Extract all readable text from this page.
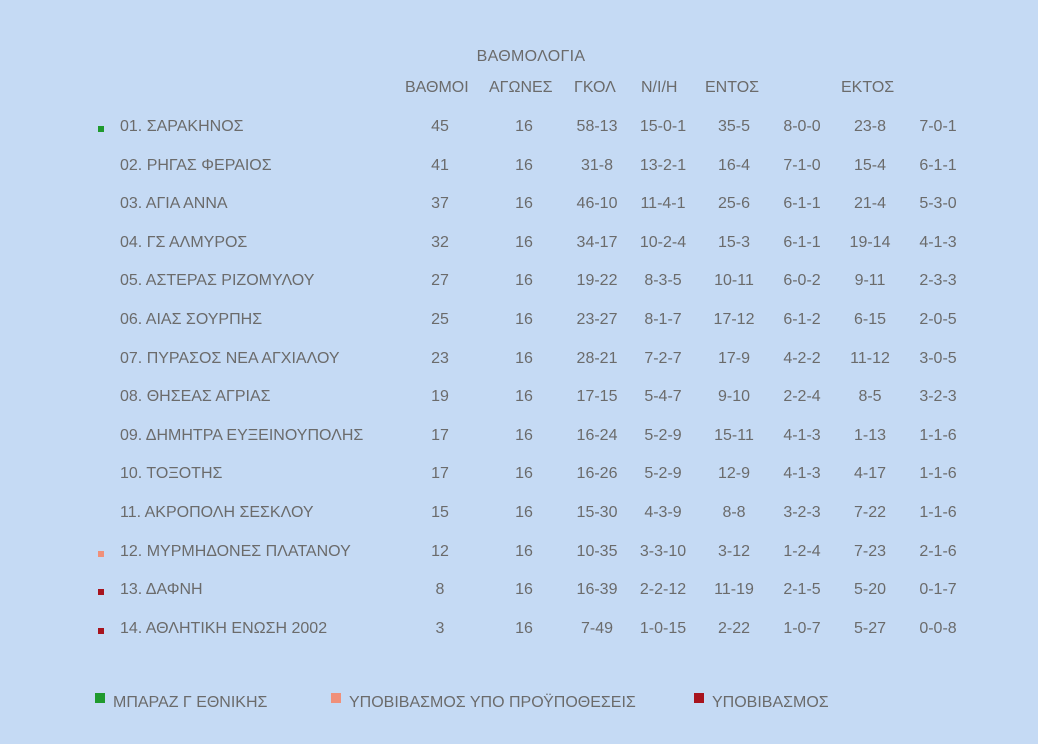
ΒΑΘΜΟΛΟΓΙΑ
ΒΑΘΜΟΙ ΑΓΩΝΕΣ ΓΚΟΛ Ν/Ι/Η ΕΝΤΟΣ	ΕΚΤΟΣ
01. ΣΑΡΑΚΗΝΟΣ	45	16	58-13 15-0-1 35-5 8-0-0 23-8 7-0-1
02. ΡΗΓΑΣ ΦΕΡΑΙΟΣ	41	16	31-8 13-2-1 16-4 7-1-0 15-4 6-1-1
03. ΑΓΙΑ ΑΝΝΑ	37	16	46-10 11-4-1 25-6 6-1-1 21-4 5-3-0
04. ΓΣ ΑΛΜΥΡΟΣ	32	16	34-17 10-2-4 15-3 6-1-1 19-14 4-1-3
05. ΑΣΤΕΡΑΣ ΡΙΖΟΜΥΛΟΥ	27	16	19-22 8-3-5 10-11 6-0-2 9-11 2-3-3
06. ΑΙΑΣ ΣΟΥΡΠΗΣ	25	16	23-27 8-1-7 17-12 6-1-2 6-15 2-0-5
07. ΠΥΡΑΣΟΣ ΝΕΑ ΑΓΧΙΑΛΟΥ	23	16	28-21 7-2-7 17-9 4-2-2 11-12 3-0-5
08. ΘΗΣΕΑΣ ΑΓΡΙΑΣ	19	16	17-15 5-4-7 9-10 2-2-4 8-5 3-2-3
09. ΔΗΜΗΤΡΑ ΕΥΞΕΙΝΟΥΠΟΛΗΣ	17	16	16-24 5-2-9 15-11 4-1-3 1-13 1-1-6
10. ΤΟΞΟΤΗΣ	17	16	16-26 5-2-9 12-9 4-1-3 4-17 1-1-6
11. ΑΚΡΟΠΟΛΗ ΣΕΣΚΛΟΥ	15	16	15-30 4-3-9	8-8 3-2-3 7-22 1-1-6
12. ΜΥΡΜΗΔΟΝΕΣ ΠΛΑΤΑΝΟΥ	12	16	10-35 3-3-10 3-12 1-2-4 7-23 2-1-6
13. ΔΑΦΝΗ	8	16	16-39 2-2-12 11-19 2-1-5 5-20 0-1-7
14. ΑΘΛΗΤΙΚΗ ΕΝΩΣΗ 2002	3	16	7-49 1-0-15 2-22 1-0-7 5-27 0-0-8
ΜΠΑΡΑΖ Γ ΕΘΝΙΚΗΣ	ΥΠΟΒΙΒΑΣΜΟΣ ΥΠΟ ΠΡΟΫΠΟΘΕΣΕΙΣ	ΥΠΟΒΙΒΑΣΜΟΣ
